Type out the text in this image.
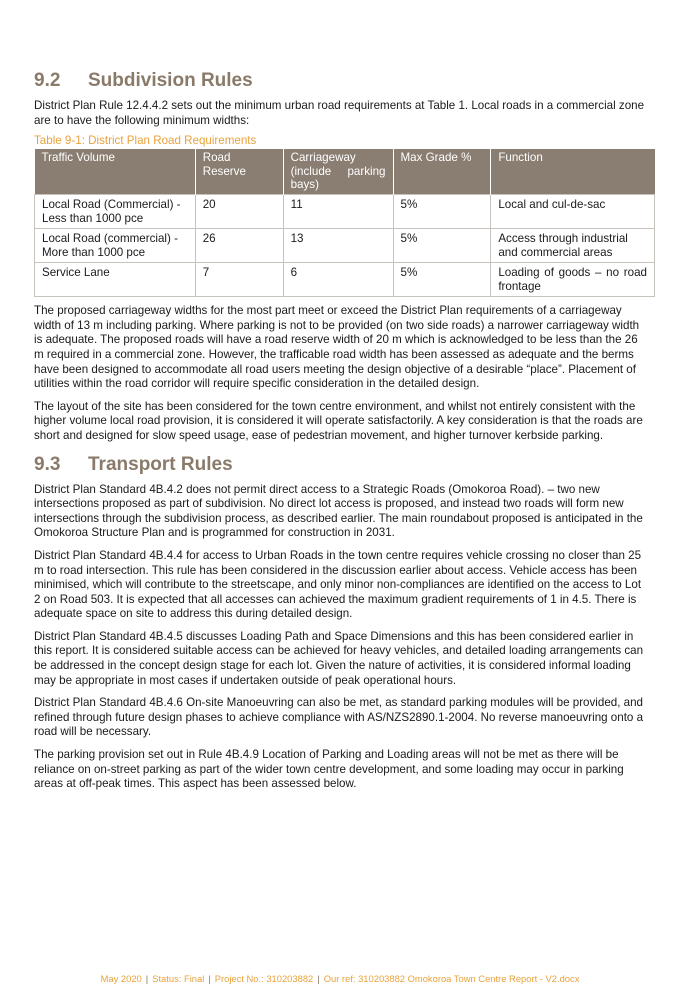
9.2	Subdivision Rules

District Plan Rule 12.4.4.2 sets out the minimum urban road requirements at Table 1. Local roads in a commercial zone are to have the following minimum widths:

Table 9-1: District Plan Road Requirements
Traffic Volume	Road Reserve	Carriageway (include parking bays)	Max Grade %	Function
Local Road (Commercial) - Less than 1000 pce	20	11	5%	Local and cul-de-sac
Local Road (commercial) - More than 1000 pce	26	13	5%	Access through industrial and commercial areas
Service Lane	7	6	5%	Loading of goods – no road frontage

The proposed carriageway widths for the most part meet or exceed the District Plan requirements of a carriageway width of 13 m including parking. Where parking is not to be provided (on two side roads) a narrower carriageway width is adequate. The proposed roads will have a road reserve width of 20 m which is acknowledged to be less than the 26 m required in a commercial zone. However, the trafficable road width has been assessed as adequate and the berms have been designed to accommodate all road users meeting the design objective of a desirable “place”. Placement of utilities within the road corridor will require specific consideration in the detailed design.

The layout of the site has been considered for the town centre environment, and whilst not entirely consistent with the higher volume local road provision, it is considered it will operate satisfactorily. A key consideration is that the roads are short and designed for slow speed usage, ease of pedestrian movement, and higher turnover kerbside parking.

9.3	Transport Rules

District Plan Standard 4B.4.2 does not permit direct access to a Strategic Roads (Omokoroa Road). – two new intersections proposed as part of subdivision. No direct lot access is proposed, and instead two roads will form new intersections through the subdivision process, as described earlier. The main roundabout proposed is anticipated in the Omokoroa Structure Plan and is programmed for construction in 2031.

District Plan Standard 4B.4.4 for access to Urban Roads in the town centre requires vehicle crossing no closer than 25 m to road intersection. This rule has been considered in the discussion earlier about access. Vehicle access has been minimised, which will contribute to the streetscape, and only minor non-compliances are identified on the access to Lot 2 on Road 503. It is expected that all accesses can achieved the maximum gradient requirements of 1 in 4.5. There is adequate space on site to address this during detailed design.

District Plan Standard 4B.4.5 discusses Loading Path and Space Dimensions and this has been considered earlier in this report. It is considered suitable access can be achieved for heavy vehicles, and detailed loading arrangements can be addressed in the concept design stage for each lot. Given the nature of activities, it is considered informal loading may be appropriate in most cases if undertaken outside of peak operational hours.

District Plan Standard 4B.4.6 On-site Manoeuvring can also be met, as standard parking modules will be provided, and refined through future design phases to achieve compliance with AS/NZS2890.1-2004. No reverse manoeuvring onto a road will be necessary.

The parking provision set out in Rule 4B.4.9 Location of Parking and Loading areas will not be met as there will be reliance on on-street parking as part of the wider town centre development, and some loading may occur in parking areas at off-peak times. This aspect has been assessed below.

May 2020 | Status: Final | Project No.: 310203882 | Our ref: 310203882 Omokoroa Town Centre Report - V2.docx
